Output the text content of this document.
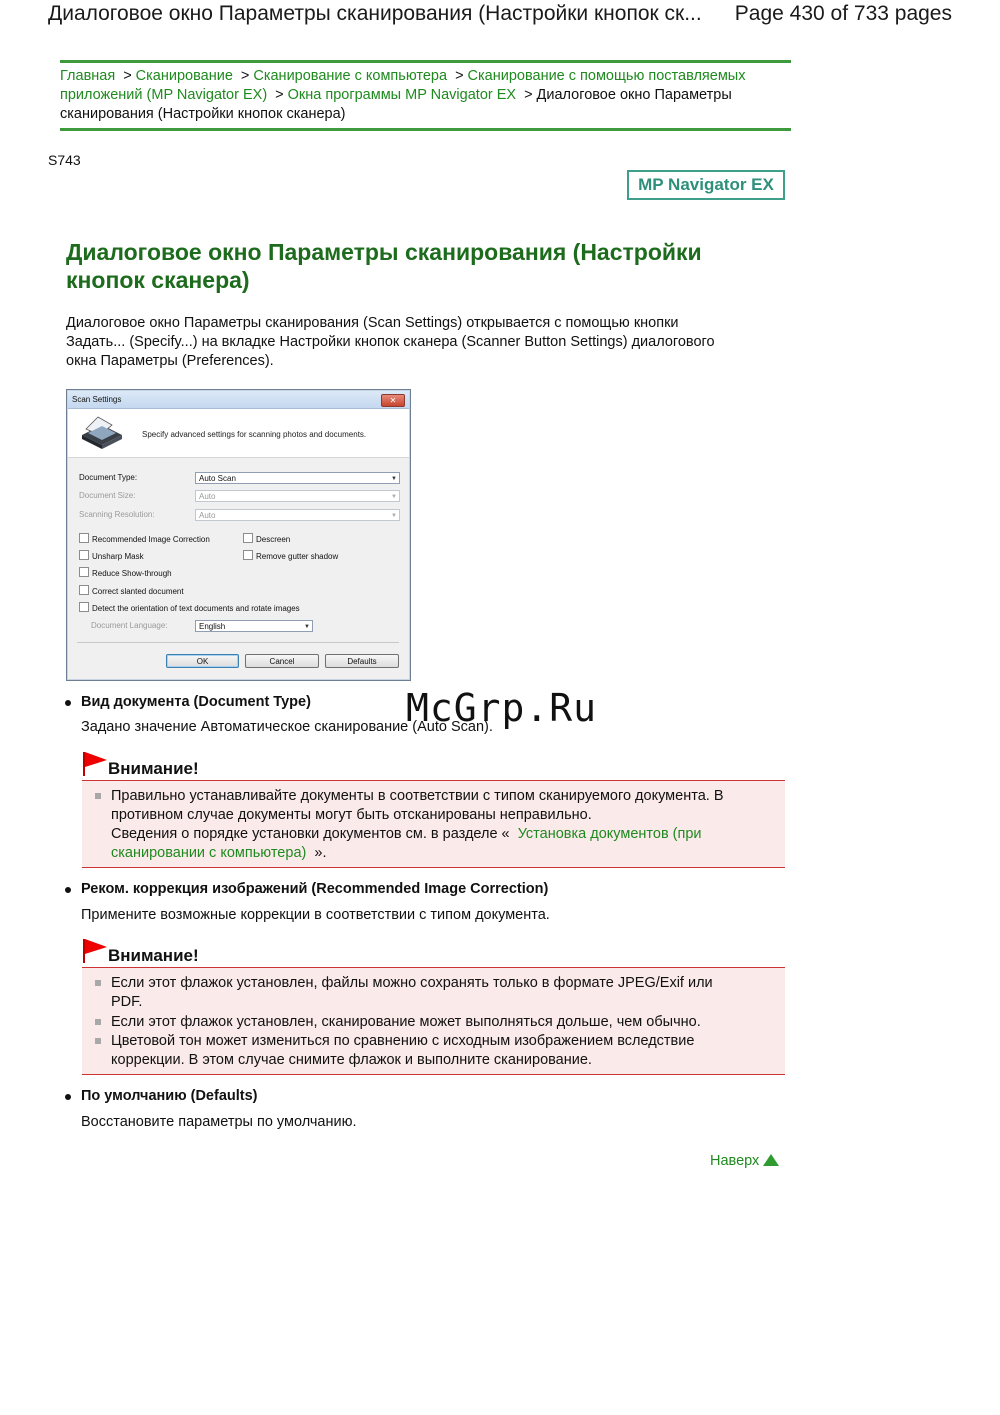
Диалоговое окно Параметры сканирования (Настройки кнопок ск... Page 430 of 733 pages
Главная > Сканирование > Сканирование с компьютера > Сканирование с помощью поставляемых приложений (MP Navigator EX) > Окна программы MP Navigator EX > Диалоговое окно Параметры сканирования (Настройки кнопок сканера)
S743
MP Navigator EX
Диалоговое окно Параметры сканирования (Настройки
кнопок сканера)
Диалоговое окно Параметры сканирования (Scan Settings) открывается с помощью кнопки
Задать... (Specify...) на вкладке Настройки кнопок сканера (Scanner Button Settings) диалогового
окна Параметры (Preferences).
Scan Settings	✕
Specify advanced settings for scanning photos and documents.
Document Type:	Auto Scan	▼
Document Size:	Auto	▼
Scanning Resolution:	Auto	▼
Recommended Image Correction
Unsharp Mask
Reduce Show-through
Correct slanted document
Detect the orientation of text documents and rotate images
Descreen
Remove gutter shadow
Document Language:	English	▼
OK	Cancel	Defaults
Вид документа (Document Type)
Задано значение Автоматическое сканирование (Auto Scan).
McGrp.Ru
Внимание!
Правильно устанавливайте документы в соответствии с типом сканируемого документа. В
противном случае документы могут быть отсканированы неправильно.
Сведения о порядке установки документов см. в разделе « Установка документов (при
сканировании с компьютера) ».
Реком. коррекция изображений (Recommended Image Correction)
Примените возможные коррекции в соответствии с типом документа.
Внимание!
Если этот флажок установлен, файлы можно сохранять только в формате JPEG/Exif или
PDF.
Если этот флажок установлен, сканирование может выполняться дольше, чем обычно.
Цветовой тон может измениться по сравнению с исходным изображением вследствие
коррекции. В этом случае снимите флажок и выполните сканирование.
По умолчанию (Defaults)
Восстановите параметры по умолчанию.
Наверх
